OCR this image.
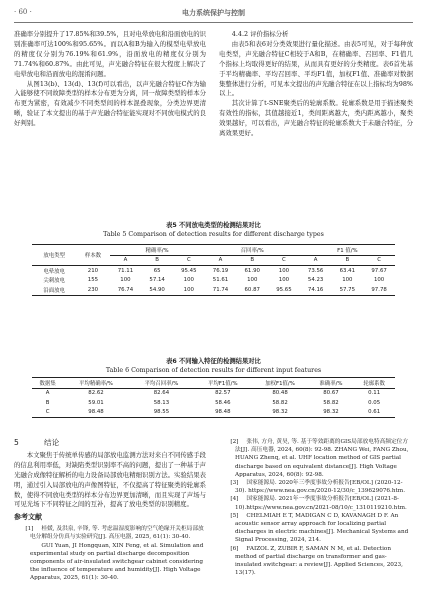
· 60 ·	电力系统保护与控制

准确率分别提升了17.85%和39.5%，且对电晕放电和沿面放电的识别准确率可达100%和95.65%。而以A和B为输入的模型电晕放电的精度仅分别为76.19%和61.9%，沿面放电的精度仅分别为71.74%和60.87%。由此可见，声光融合特征在很大程度上解决了电晕放电和沿面放电的混淆问题。

从图13(b)、13(d)、13(f)可以看出，以声光融合特征C作为输入能够使不同故障类型的样本分布更为分离，同一故障类型的样本分布更为紧密，有效减少不同类型间的样本混叠现象，分类边界更清晰，验证了本文提出的基于声光融合特征能实现对不同放电模式的良好判别。

4.4.2 评价指标分析

由表5和表6对分类效果进行量化描述。由表5可见，对于每种放电类型，声光融合特征C相较于A和B，在精确率、召回率、F1值几个指标上均取得更好的结果，从而具有更好的分类精度。表6首先基于平均精确率、平均召回率、平均F1值，加权F1值、准确率对数据集整体进行分析，可见本文提出的声光融合特征在以上指标均为98%以上。

其次计算了t-SNE聚类后的轮廓系数。轮廓系数是用于描述聚类有效性的指标，其值越接近1，类间距离越大，类内距离越小，聚类效果越好，可以看出，声光融合特征的轮廓系数大于未融合特征，分离效果更好。

表5 不同放电类型的检测结果对比
Table 5 Comparison of detection results for different discharge types
放电类型	样本数	精确率/%			召回率/%			F1 值/%		
		A	B	C	A	B	C	A	B	C
电晕放电	210	71.11	65	95.45	76.19	61.90	100	73.56	63.41	97.67
尖刺放电	155	100	57.14	100	51.61	100	100	54.23	100	100
沿面放电	230	76.74	54.90	100	71.74	60.87	95.65	74.16	57.75	97.78
表6 不同输入特征的检测结果对比
Table 6 Comparison of detection results for different input features
数据集	平均精确率/%	平均召回率/%	平均F1值/%	加权F1值/%	准确率/%	轮廓系数
A	82.62	82.64	82.57	80.48	80.67	0.11
B	59.01	58.13	58.46	58.82	58.82	0.05
C	98.48	98.55	98.48	98.32	98.32	0.61
5	结论

本文聚焦于传统单传感的局部放电监测方法对来自不同传感手段的信息利用率低，对缺陷类型识别率不高的问题，提出了一种基于声光融合成像特征解析的电力设备局部放电精细识别方法。实验结果表明，通过引入局部放电的声像图特征，不仅提高了特征聚类的轮廓系数，使得不同放电类型的样本分布边界更加清晰，而且实现了声场与可见光场下不同特征之间的互补，提高了放电类型的识别精度。

参考文献

[1] 桂媛, 及洪泉, 辛锋, 等. 考虑温湿度影响的空气绝缘开关柜局部放电分解组分仿真与实验研究[J]. 高压电器, 2025, 61(1): 30-40.

GUI Yuan, JI Hongquan, XIN Feng, et al. Simulation and experimental study on partial discharge decomposition components of air-insulated switchgear cabinet considering the influence of temperature and humidity[J]. High Voltage Apparatus, 2025, 61(1): 30-40.

[2] 张伟, 方舟, 黄昊, 等. 基于等效距离的GIS局部放电特高频定位方法[J]. 高压电器, 2024, 60(8): 92-98. ZHANG Wei, FANG Zhou, HUANG Zhenq, et al. UHF location method of GIS partial discharge based on equivalent distance[J]. High Voltage Apparatus, 2024, 60(8): 92-98.

[3] 国家能源局. 2020年三季度事故分析报告[EB/OL] (2020-12-30). https://www.nea.gov.cn/2020-12/30/c_139629076.htm.

[4] 国家能源局. 2021年一季度事故分析报告[EB/OL] (2021-8-10).https://www.nea.gov.cn/2021-08/10/c_1310119210.htm.

[5] CHELMIAH E T, MADIGAN C D, KAVANAGH D F. An acoustic sensor array approach for localizing partial discharges in electric machines[J]. Mechanical Systems and Signal Processing, 2024, 214.

[6] FAIZOL Z, ZUBIR F, SAMAN N M, et al. Detection method of partial discharge on transformer and gas-insulated switchgear: a review[J]. Applied Sciences, 2023, 13(17).
